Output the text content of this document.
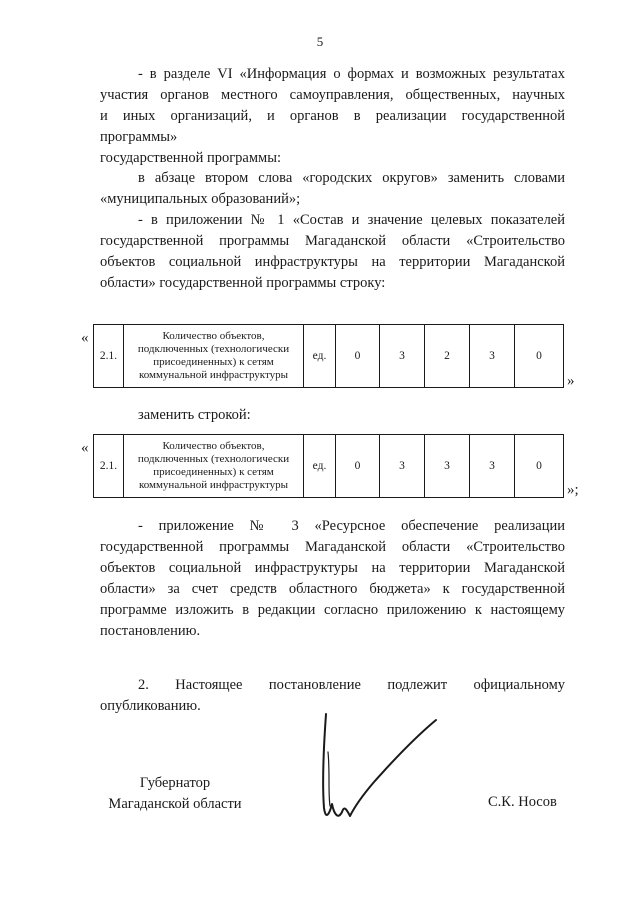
5

- в разделе VI «Информация о формах и возможных результатах
участия органов местного самоуправления, общественных, научных
и иных организаций, и органов в реализации государственной программы»
государственной программы:

в абзаце втором слова «городских округов» заменить словами
«муниципальных образований»;

- в приложении № 1 «Состав и значение целевых показателей
государственной программы Магаданской области «Строительство
объектов социальной инфраструктуры на территории Магаданской
области» государственной программы строку:

«
2.1.	Количество объектов, подключенных (технологически присоединенных) к сетям коммунальной инфраструктуры	ед.	0	3	2	3	0
»

заменить строкой:

«
2.1.	Количество объектов, подключенных (технологически присоединенных) к сетям коммунальной инфраструктуры	ед.	0	3	3	3	0
»;

- приложение № 3 «Ресурсное обеспечение реализации
государственной программы Магаданской области «Строительство
объектов социальной инфраструктуры на территории Магаданской
области» за счет средств областного бюджета» к государственной
программе изложить в редакции согласно приложению к настоящему
постановлению.

2. Настоящее постановление подлежит официальному
опубликованию.

Губернатор
Магаданской области	С.К. Носов
